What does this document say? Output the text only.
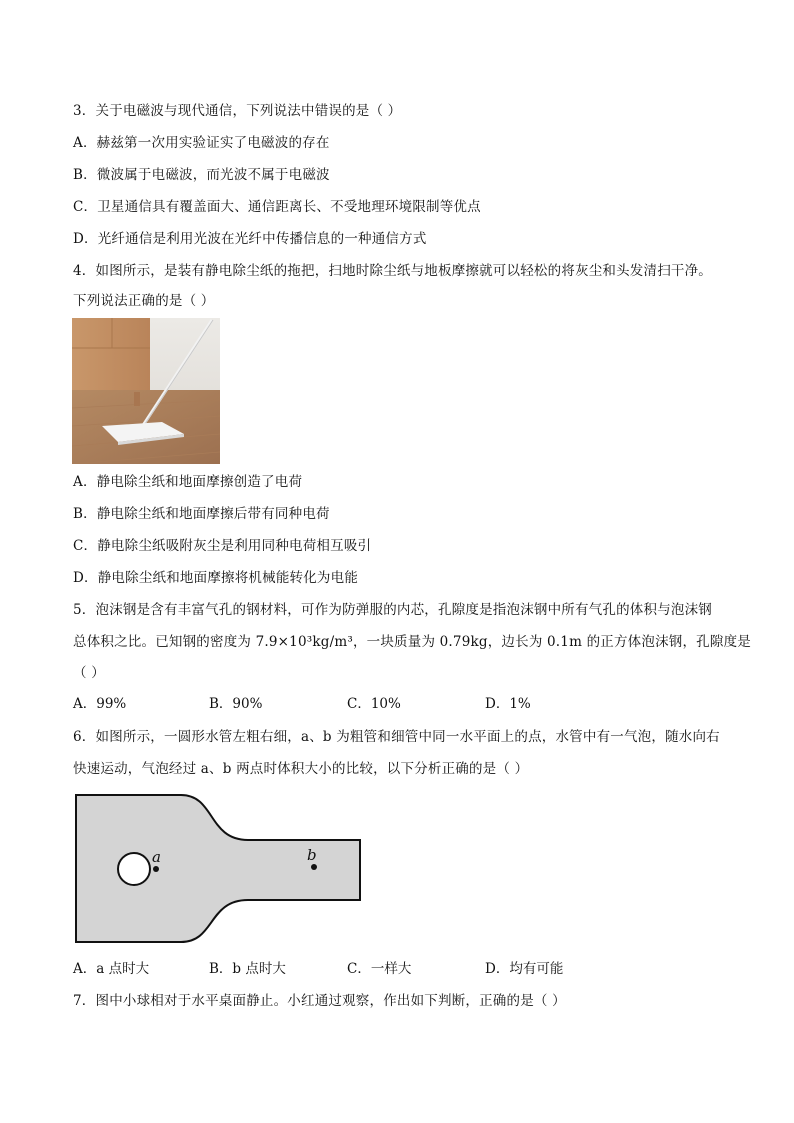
3．关于电磁波与现代通信，下列说法中错误的是（ ）
A．赫兹第一次用实验证实了电磁波的存在
B．微波属于电磁波，而光波不属于电磁波
C．卫星通信具有覆盖面大、通信距离长、不受地理环境限制等优点
D．光纤通信是利用光波在光纤中传播信息的一种通信方式
4．如图所示，是装有静电除尘纸的拖把，扫地时除尘纸与地板摩擦就可以轻松的将灰尘和头发清扫干净。
下列说法正确的是（ ）
A．静电除尘纸和地面摩擦创造了电荷
B．静电除尘纸和地面摩擦后带有同种电荷
C．静电除尘纸吸附灰尘是利用同种电荷相互吸引
D．静电除尘纸和地面摩擦将机械能转化为电能
5．泡沫钢是含有丰富气孔的钢材料，可作为防弹服的内芯，孔隙度是指泡沫钢中所有气孔的体积与泡沫钢
总体积之比。已知钢的密度为 7.9×10³kg/m³，一块质量为 0.79kg，边长为 0.1m 的正方体泡沫钢，孔隙度是
（ ）
A．99%	B．90%	C．10%	D．1%
6．如图所示，一圆形水管左粗右细，a、b 为粗管和细管中同一水平面上的点，水管中有一气泡，随水向右
快速运动，气泡经过 a、b 两点时体积大小的比较，以下分析正确的是（ ）
a	b
A．a 点时大	B．b 点时大	C．一样大	D．均有可能
7．图中小球相对于水平桌面静止。小红通过观察，作出如下判断，正确的是（ ）
